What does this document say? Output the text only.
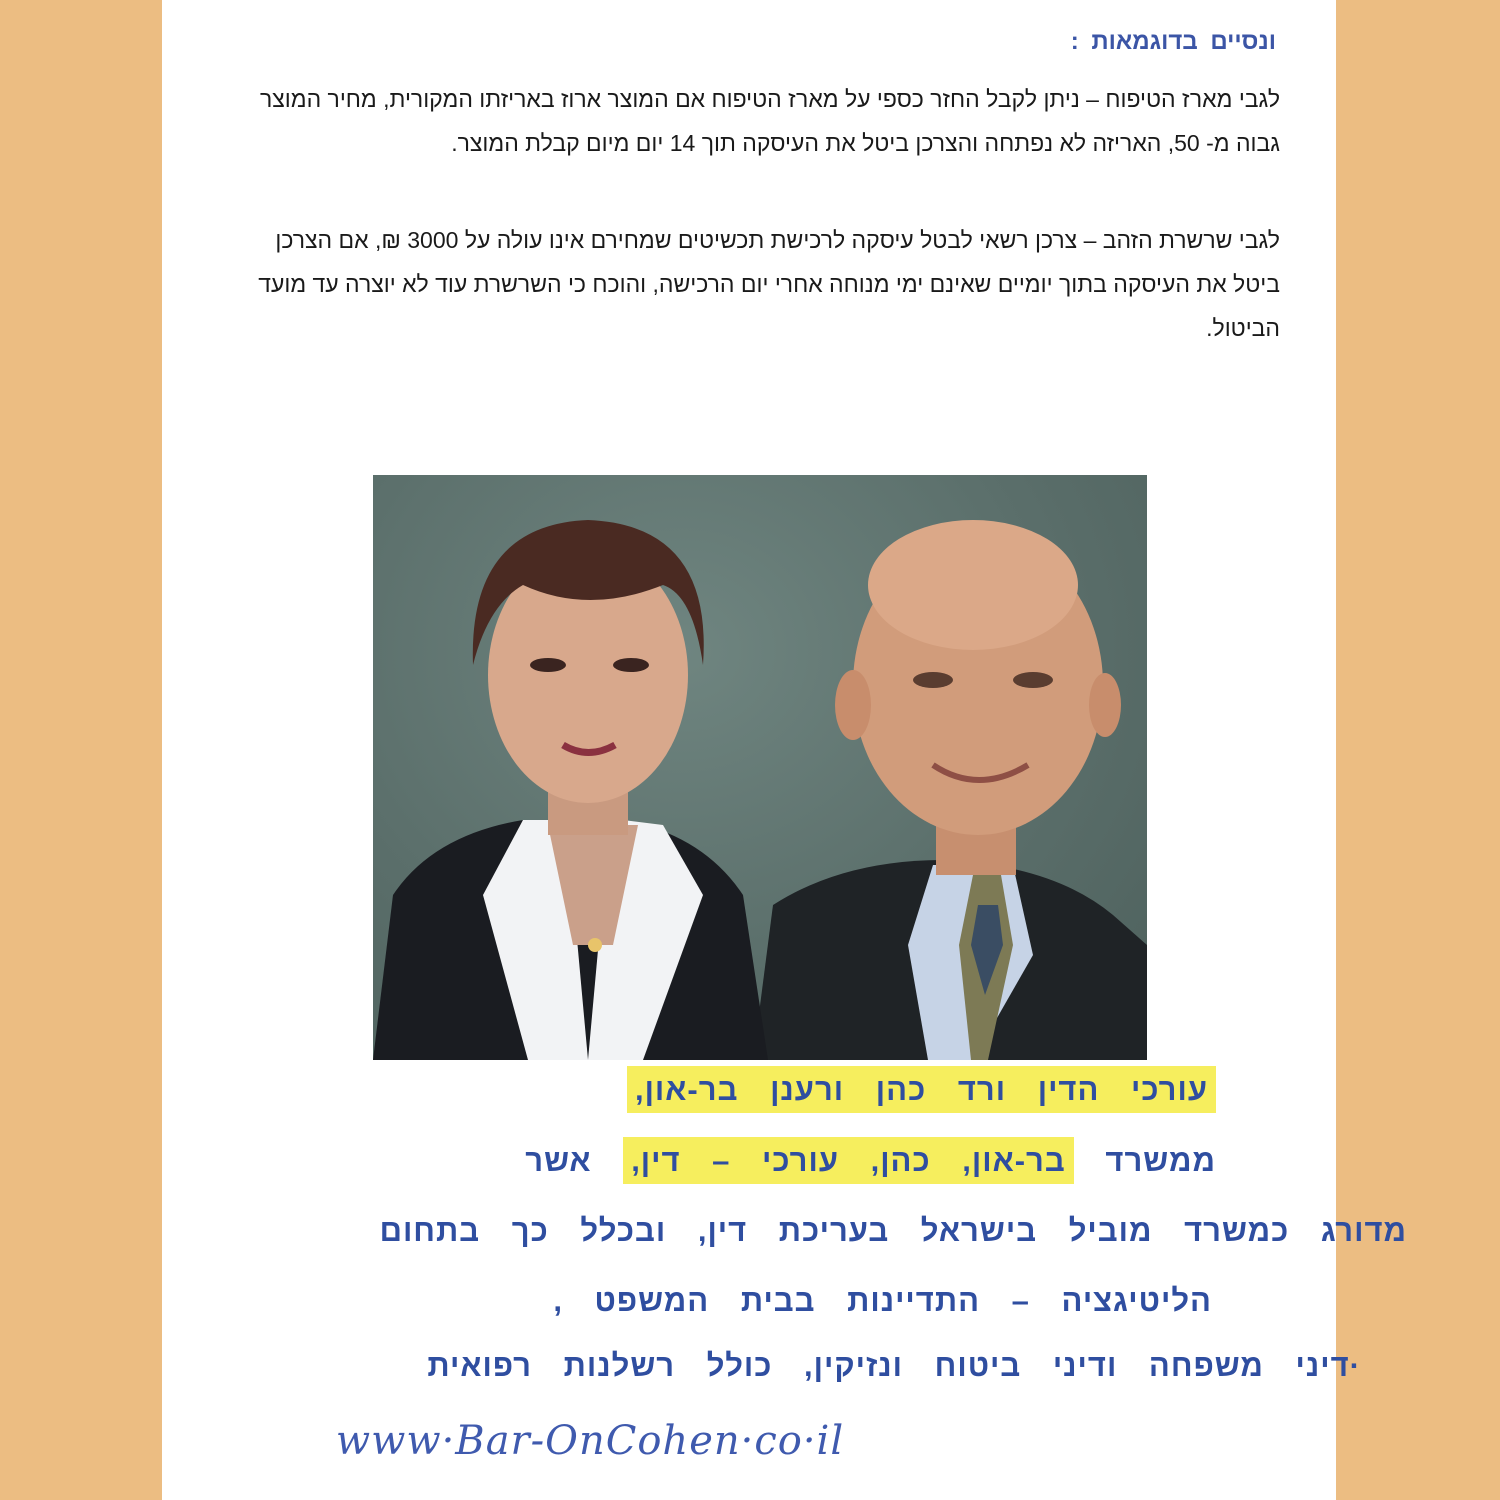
ונסיים בדוגמאות :

לגבי מארז הטיפוח – ניתן לקבל החזר כספי על מארז הטיפוח אם המוצר ארוז באריזתו המקורית, מחיר המוצר גבוה מ- 50, האריזה לא נפתחה והצרכן ביטל את העיסקה תוך 14 יום מיום קבלת המוצר.

לגבי שרשרת הזהב – צרכן רשאי לבטל עיסקה לרכישת תכשיטים שמחירם אינו עולה על 3000 ₪, אם הצרכן ביטל את העיסקה בתוך יומיים שאינם ימי מנוחה אחרי יום הרכישה, והוכח כי השרשרת עוד לא יוצרה עד מועד הביטול.

עורכי הדין ורד כהן ורענן בר-און,
ממשרד בר-און, כהן, עורכי – דין, אשר
מדורג כמשרד מוביל בישראל בעריכת דין, ובכלל כך בתחום
הליטיגציה – התדיינות בבית המשפט ,
·דיני משפחה ודיני ביטוח ונזיקין, כולל רשלנות רפואית
www·Bar-OnCohen·co·il
